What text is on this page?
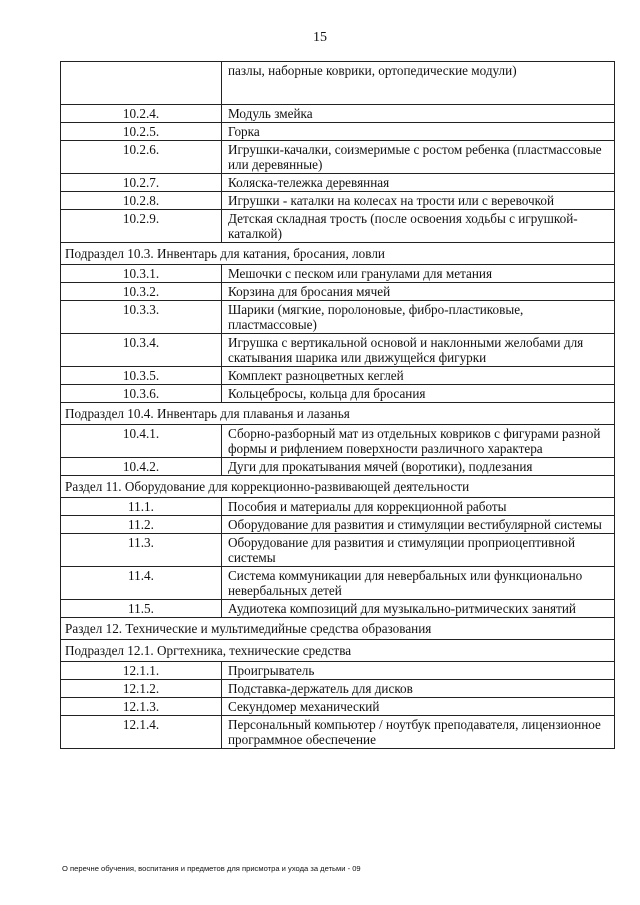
15
	пазлы, наборные коврики, ортопедические модули)
10.2.4.	Модуль змейка
10.2.5.	Горка
10.2.6.	Игрушки-качалки, соизмеримые с ростом ребенка (пластмассовые или деревянные)
10.2.7.	Коляска-тележка деревянная
10.2.8.	Игрушки - каталки на колесах на трости или с веревочкой
10.2.9.	Детская складная трость (после освоения ходьбы с игрушкой-каталкой)
Подраздел 10.3. Инвентарь для катания, бросания, ловли	
10.3.1.	Мешочки с песком или гранулами для метания
10.3.2.	Корзина для бросания мячей
10.3.3.	Шарики (мягкие, поролоновые, фибро-пластиковые, пластмассовые)
10.3.4.	Игрушка с вертикальной основой и наклонными желобами для скатывания шарика или движущейся фигурки
10.3.5.	Комплект разноцветных кеглей
10.3.6.	Кольцебросы, кольца для бросания
Подраздел 10.4. Инвентарь для плаванья и лазанья	
10.4.1.	Сборно-разборный мат из отдельных ковриков с фигурами разной формы и рифлением поверхности различного характера
10.4.2.	Дуги для прокатывания мячей (воротики), подлезания
Раздел 11. Оборудование для коррекционно-развивающей деятельности	
11.1.	Пособия и материалы для коррекционной работы
11.2.	Оборудование для развития и стимуляции вестибулярной системы
11.3.	Оборудование для развития и стимуляции проприоцептивной системы
11.4.	Система коммуникации для невербальных или функционально невербальных детей
11.5.	Аудиотека композиций для музыкально-ритмических занятий
Раздел 12. Технические и мультимедийные средства образования	
Подраздел 12.1. Оргтехника, технические средства	
12.1.1.	Проигрыватель
12.1.2.	Подставка-держатель для дисков
12.1.3.	Секундомер механический
12.1.4.	Персональный компьютер / ноутбук преподавателя, лицензионное программное обеспечение
О перечне обучения, воспитания и предметов для присмотра и ухода за детьми - 09
